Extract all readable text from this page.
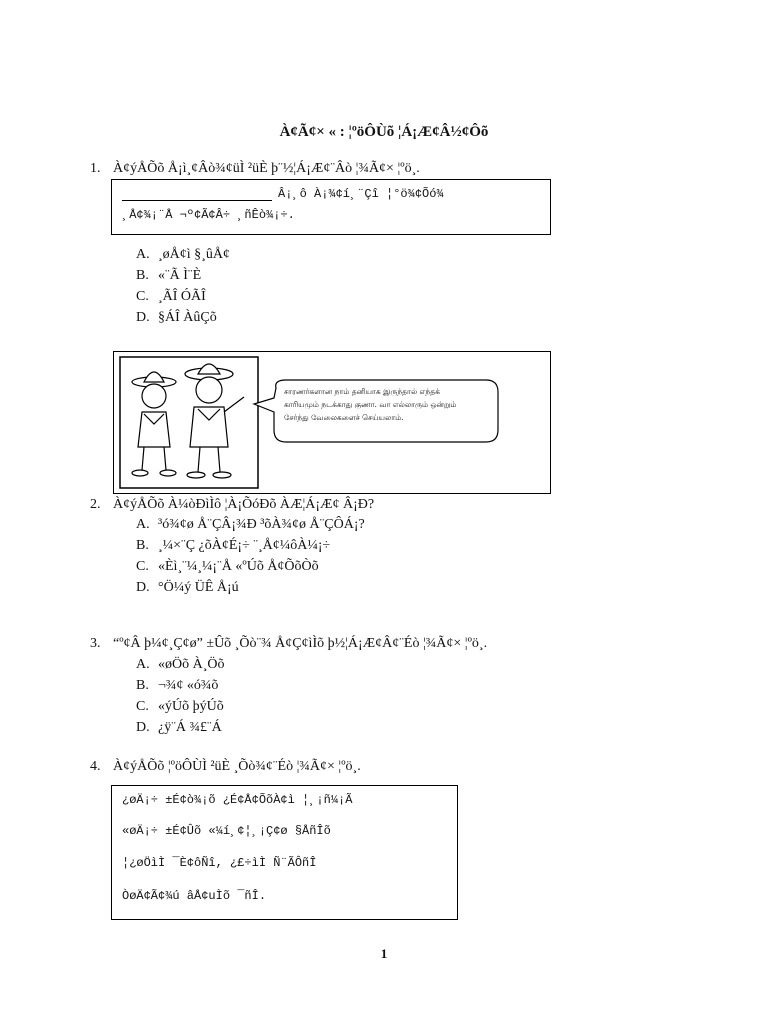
À¢Ã¢× « : ¦ºöÔÙõ ¦Á¡Æ¢Â½¢Ôõ
1. À¢ýÅÕõ Å¡ì¸¢Âò¾¢üÌ ²üÈ þ¨½¦Á¡Æ¢¨Âò ¦¾Ã¢× ¦ºö¸.
Â¡¸ô À¡¾¢í¸¨Çî ¦°ö¾¢Õó¾
¸Å¢¾¡¨Å ¬º¢Ã¢Â÷ ¸ñÊò¾¡÷.
A. ¸øÅ¢ì §¸ûÅ¢
B. «¨Ã Ì¨È
C. ¸ÃÎ ÓÃÎ
D. §ÁÎ ÀûÇõ
சாரணர்களான நாம் தனியாக இருந்தால் எந்தக்
காரியமும் நடக்காது குணா. வா எல்லாரும் ஒன்றும்
சேர்ந்து வேலைகளைச் செய்யலாம்.
2. À¢ýÅÕõ À¼òÐìÌô ¦À¡ÕóÐõ ÀÆ¦Á¡Æ¢ Â¡Ð?
A. ³ó¾¢ø Å¨ÇÂ¡¾Ð ³õÀ¾¢ø Å¨ÇÔÁ¡?
B. ¸¼×¨Ç ¿õÀ¢É¡÷ ¨¸Å¢¼ôÀ¼¡÷
C. «Èì¸¨¼¸¼¡¨Å «ºÚõ Å¢ÕõÒõ
D. °Ö¼ý ÜÊ Å¡ú
3. “º¢Â þ¼¢¸Ç¢ø” ±Ûõ ¸Õò¨¾ Å¢Ç¢ìÌõ þ½¦Á¡Æ¢Â¢¨Éò ¦¾Ã¢× ¦ºö¸.
A. «øÖõ À¸Öõ
B. ¬¾¢ «ó¾õ
C. «ýÚõ þýÚõ
D. ¿ÿ¨Á ¾£¨Á
4. À¢ýÅÕõ ¦ºöÔÙÌ ²üÈ ¸Õò¾¢¨Éò ¦¾Ã¢× ¦ºö¸.
¿øÄ¡÷ ±É¢ò¾¡õ ¿É¢Å¢ÕõÀ¢ì ¦¸¡ñ¼¡Ã
«øÄ¡÷ ±É¢Ûõ «¼í¸¢¦¸¡Ç¢ø §ÅñÎõ
¦¿øÖìÌ ¯È¢ôÑî, ¿£÷ìÌ Ñ¨ÃÔñÎ
ÒøÄ¢Ã¢¾ú âÅ¢uÌõ ¯ñÎ.
1
